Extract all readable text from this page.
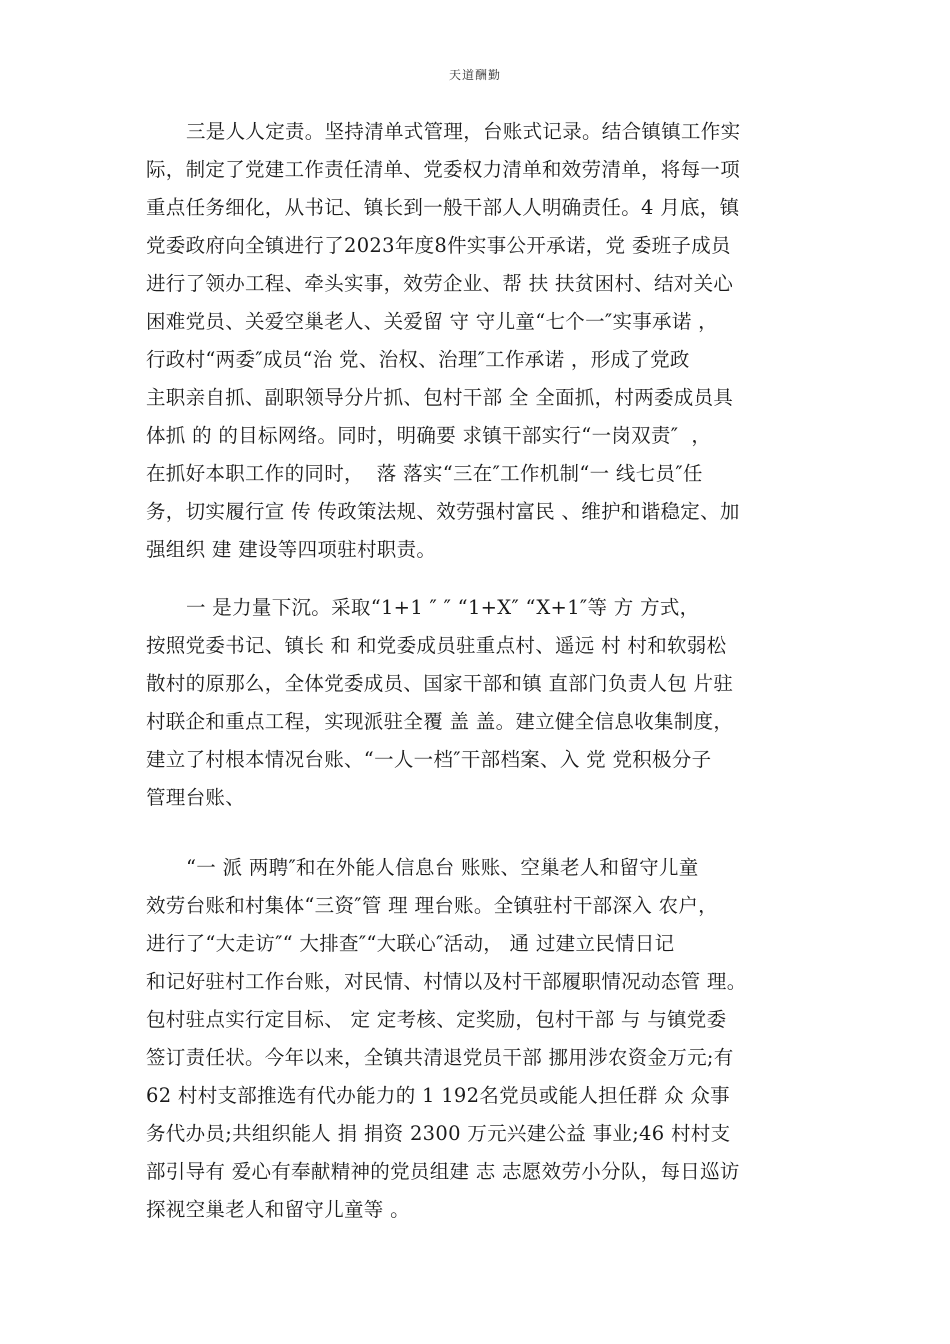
天道酬勤
三是人人定责。坚持清单式管理，台账式记录。结合镇镇工作实
际，制定了党建工作责任清单、党委权力清单和效劳清单，将每一项
重点任务细化，从书记、镇长到一般干部人人明确责任。4 月底，镇
党委政府向全镇进行了2023年度8件实事公开承诺，党 委班子成员
进行了领办工程、牵头实事，效劳企业、帮 扶 扶贫困村、结对关心
困难党员、关爱空巢老人、关爱留 守 守儿童“七个一″实事承诺 ，
行政村“两委″成员“治 党、治权、治理″工作承诺 ，形成了党政
主职亲自抓、副职领导分片抓、包村干部 全 全面抓，村两委成员具
体抓 的 的目标网络。同时，明确要 求镇干部实行“一岗双责″  ，
在抓好本职工作的同时，  落 落实“三在″工作机制“一 线七员″任
务，切实履行宣 传 传政策法规、效劳强村富民 、维护和谐稳定、加
强组织 建 建设等四项驻村职责。
一 是力量下沉。采取“1+1 ″ ″ “1+X″ “X+1″等 方 方式，
按照党委书记、镇长 和 和党委成员驻重点村、遥远 村 村和软弱松
散村的原那么，全体党委成员、国家干部和镇 直部门负责人包 片驻
村联企和重点工程，实现派驻全覆 盖 盖。建立健全信息收集制度，
建立了村根本情况台账、“一人一档″干部档案、入 党 党积极分子
管理台账、
“一 派 两聘″和在外能人信息台 账账、空巢老人和留守儿童
效劳台账和村集体“三资″管 理 理台账。全镇驻村干部深入 农户，
进行了“大走访″“ 大排查″“大联心″活动， 通 过建立民情日记
和记好驻村工作台账，对民情、村情以及村干部履职情况动态管 理。
包村驻点实行定目标、 定 定考核、定奖励，包村干部 与 与镇党委
签订责任状。今年以来，全镇共清退党员干部 挪用涉农资金万元;有
62 村村支部推选有代办能力的 1 192名党员或能人担任群 众 众事
务代办员;共组织能人 捐 捐资 2300 万元兴建公益 事业;46 村村支
部引导有 爱心有奉献精神的党员组建 志 志愿效劳小分队，每日巡访
探视空巢老人和留守儿童等 。
